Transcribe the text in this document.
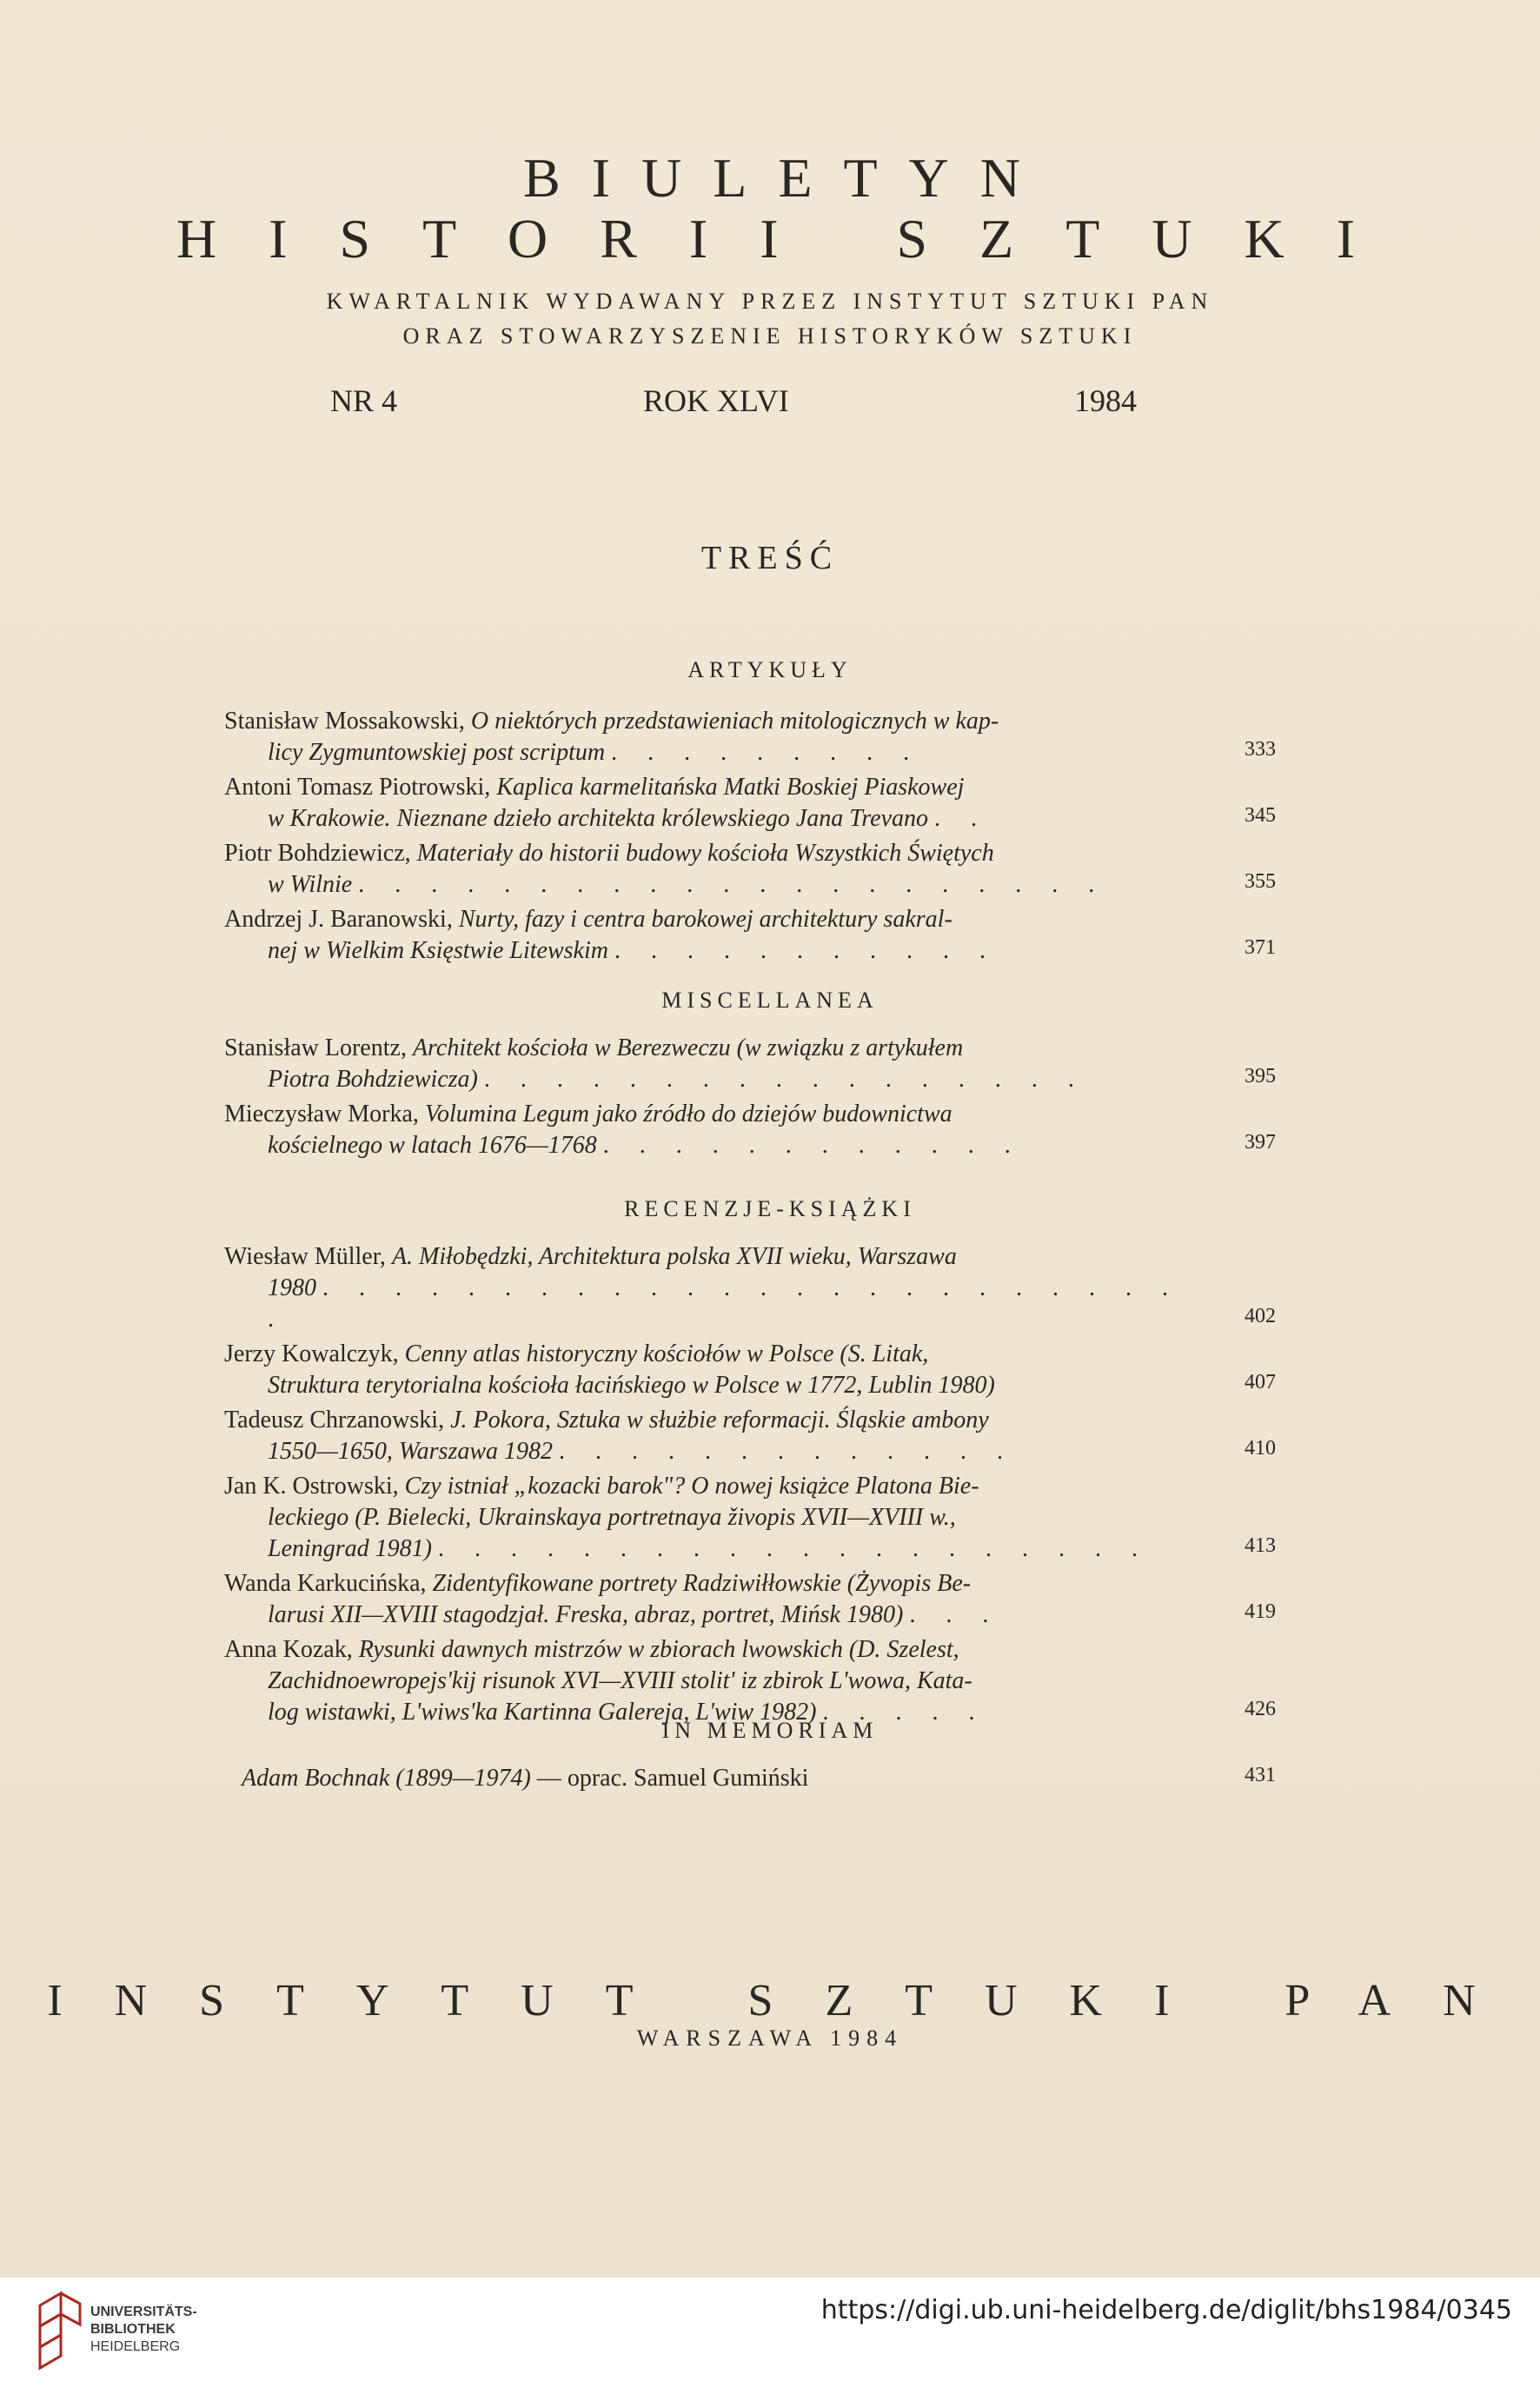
BIULETYN
HISTORII SZTUKI
KWARTALNIK WYDAWANY PRZEZ INSTYTUT SZTUKI PAN
ORAZ STOWARZYSZENIE HISTORYKÓW SZTUKI
NR 4	ROK XLVI	1984
TREŚĆ
ARTYKUŁY
Stanisław Mossakowski, O niektórych przedstawieniach mitologicznych w kap-
licy Zygmuntowskiej post scriptum . . . . . . . . .	333
Antoni Tomasz Piotrowski, Kaplica karmelitańska Matki Boskiej Piaskowej
w Krakowie. Nieznane dzieło architekta królewskiego Jana Trevano . .	345
Piotr Bohdziewicz, Materiały do historii budowy kościoła Wszystkich Świętych
w Wilnie . . . . . . . . . . . . . . . . . . . . .	355
Andrzej J. Baranowski, Nurty, fazy i centra barokowej architektury sakral-
nej w Wielkim Księstwie Litewskim . . . . . . . . . . .	371
MISCELLANEA
Stanisław Lorentz, Architekt kościoła w Berezweczu (w związku z artykułem
Piotra Bohdziewicza) . . . . . . . . . . . . . . . . .	395
Mieczysław Morka, Volumina Legum jako źródło do dziejów budownictwa
kościelnego w latach 1676—1768 . . . . . . . . . . . .	397
RECENZJE-KSIĄŻKI
Wiesław Müller, A. Miłobędzki, Architektura polska XVII wieku, Warszawa
1980 . . . . . . . . . . . . . . . . . . . . . . . . .	402
Jerzy Kowalczyk, Cenny atlas historyczny kościołów w Polsce (S. Litak,
Struktura terytorialna kościoła łacińskiego w Polsce w 1772, Lublin 1980)	407
Tadeusz Chrzanowski, J. Pokora, Sztuka w służbie reformacji. Śląskie ambony
1550—1650, Warszawa 1982 . . . . . . . . . . . . .	410
Jan K. Ostrowski, Czy istniał „kozacki barok"? O nowej książce Platona Bie-
leckiego (P. Bielecki, Ukrainskaya portretnaya živopis XVII—XVIII w.,
Leningrad 1981) . . . . . . . . . . . . . . . . . . . .	413
Wanda Karkucińska, Zidentyfikowane portrety Radziwiłłowskie (Żyvopis Be-
larusi XII—XVIII stagodzjał. Freska, abraz, portret, Mińsk 1980) . . .	419
Anna Kozak, Rysunki dawnych mistrzów w zbiorach lwowskich (D. Szelest,
Zachidnoewropejs'kij risunok XVI—XVIII stolit' iz zbirok L'wowa, Kata-
log wistawki, L'wiws'ka Kartinna Galereja, L'wiw 1982) . . . . .	426
IN MEMORIAM
Adam Bochnak (1899—1974) — oprac. Samuel Gumiński	431
INSTYTUT SZTUKI PAN
WARSZAWA 1984
UNIVERSITÄTS-
BIBLIOTHEK
HEIDELBERG
https://digi.ub.uni-heidelberg.de/diglit/bhs1984/0345
